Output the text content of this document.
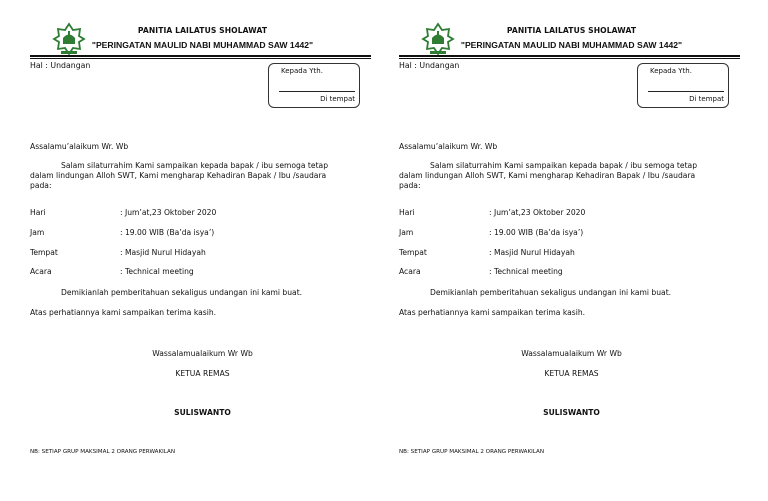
PANITIA LAILATUS SHOLAWAT
"PERINGATAN MAULID NABI MUHAMMAD SAW 1442"
Hal : Undangan
Kepada Yth.
Di tempat
Assalamu’alaikum Wr. Wb
Salam silaturrahim Kami sampaikan kepada bapak / ibu semoga tetap dalam lindungan Alloh SWT, Kami mengharap Kehadiran Bapak / Ibu /saudara pada:
Hari	: Jum’at,23 Oktober 2020
Jam	: 19.00 WIB (Ba’da isya’)
Tempat	: Masjid Nurul Hidayah
Acara	: Technical meeting
Demikianlah pemberitahuan sekaligus undangan ini kami buat.
Atas perhatiannya kami sampaikan terima kasih.
Wassalamualaikum Wr Wb
KETUA REMAS
SULISWANTO
NB: SETIAP GRUP MAKSIMAL 2 ORANG PERWAKILAN
PANITIA LAILATUS SHOLAWAT
"PERINGATAN MAULID NABI MUHAMMAD SAW 1442"
Hal : Undangan
Kepada Yth.
Di tempat
Assalamu’alaikum Wr. Wb
Salam silaturrahim Kami sampaikan kepada bapak / ibu semoga tetap dalam lindungan Alloh SWT, Kami mengharap Kehadiran Bapak / Ibu /saudara pada:
Hari	: Jum’at,23 Oktober 2020
Jam	: 19.00 WIB (Ba’da isya’)
Tempat	: Masjid Nurul Hidayah
Acara	: Technical meeting
Demikianlah pemberitahuan sekaligus undangan ini kami buat.
Atas perhatiannya kami sampaikan terima kasih.
Wassalamualaikum Wr Wb
KETUA REMAS
SULISWANTO
NB: SETIAP GRUP MAKSIMAL 2 ORANG PERWAKILAN
